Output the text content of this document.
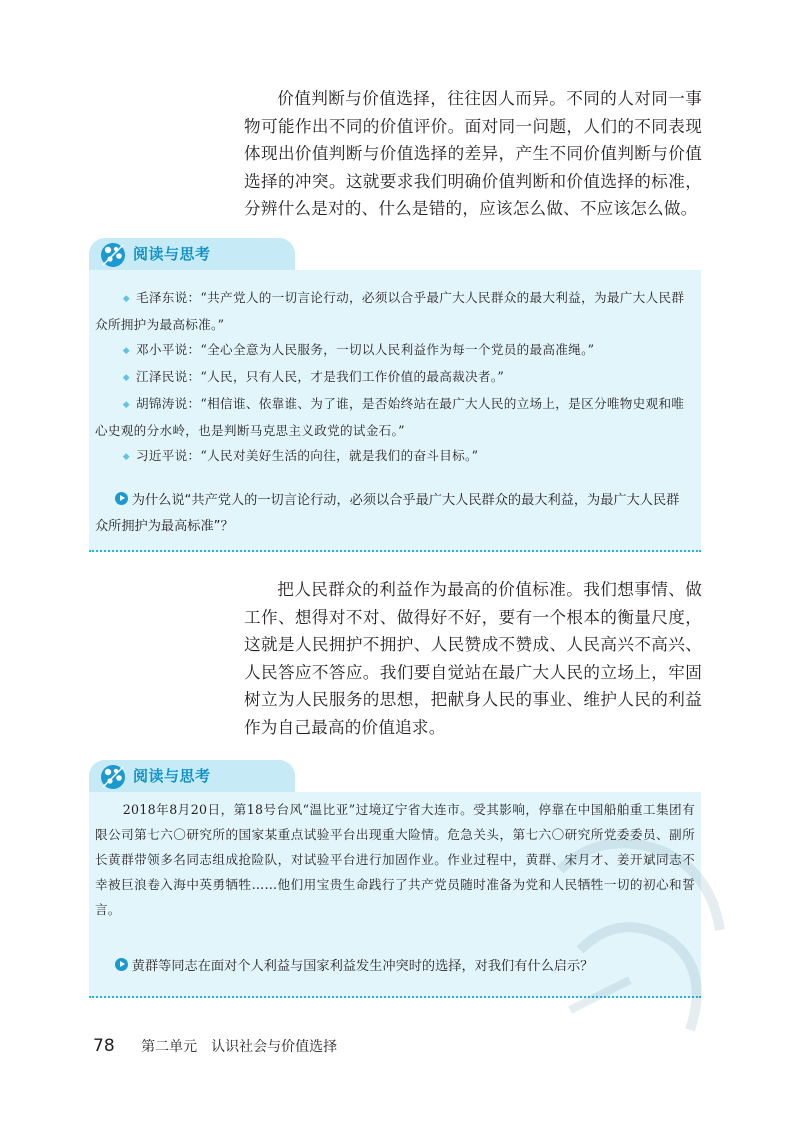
价值判断与价值选择，往往因人而异。不同的人对同一事物可能作出不同的价值评价。面对同一问题，人们的不同表现体现出价值判断与价值选择的差异，产生不同价值判断与价值选择的冲突。这就要求我们明确价值判断和价值选择的标准，分辨什么是对的、什么是错的，应该怎么做、不应该怎么做。

阅读与思考

◆ 毛泽东说：“共产党人的一切言论行动，必须以合乎最广大人民群众的最大利益，为最广大人民群众所拥护为最高标准。”

◆ 邓小平说：“全心全意为人民服务，一切以人民利益作为每一个党员的最高准绳。”

◆ 江泽民说：“人民，只有人民，才是我们工作价值的最高裁决者。”

◆ 胡锦涛说：“相信谁、依靠谁、为了谁，是否始终站在最广大人民的立场上，是区分唯物史观和唯心史观的分水岭，也是判断马克思主义政党的试金石。”

◆ 习近平说：“人民对美好生活的向往，就是我们的奋斗目标。”

为什么说“共产党人的一切言论行动，必须以合乎最广大人民群众的最大利益，为最广大人民群众所拥护为最高标准”？

把人民群众的利益作为最高的价值标准。我们想事情、做工作、想得对不对、做得好不好，要有一个根本的衡量尺度，这就是人民拥护不拥护、人民赞成不赞成、人民高兴不高兴、人民答应不答应。我们要自觉站在最广大人民的立场上，牢固树立为人民服务的思想，把献身人民的事业、维护人民的利益作为自己最高的价值追求。

阅读与思考
2018年8月20日，第18号台风“温比亚”过境辽宁省大连市。受其影响，停靠在中国船舶重工集团有限公司第七六〇研究所的国家某重点试验平台出现重大险情。危急关头，第七六〇研究所党委委员、副所长黄群带领多名同志组成抢险队，对试验平台进行加固作业。作业过程中，黄群、宋月才、姜开斌同志不幸被巨浪卷入海中英勇牺牲……他们用宝贵生命践行了共产党员随时准备为党和人民牺牲一切的初心和誓言。
黄群等同志在面对个人利益与国家利益发生冲突时的选择，对我们有什么启示？
78 第二单元　认识社会与价值选择
